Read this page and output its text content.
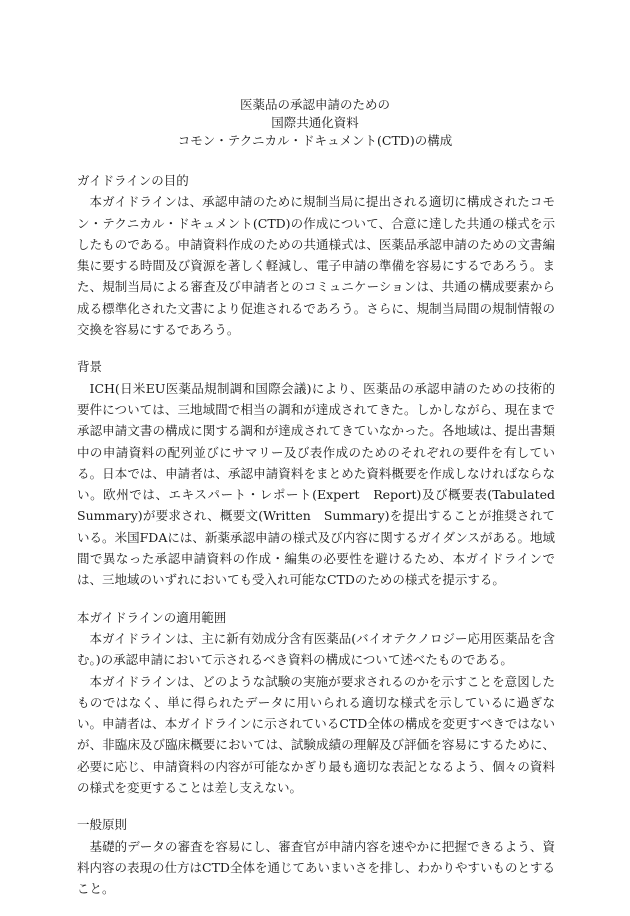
医薬品の承認申請のための
国際共通化資料
コモン・テクニカル・ドキュメント(CTD)の構成

ガイドラインの目的

本ガイドラインは、承認申請のために規制当局に提出される適切に構成されたコモン・テクニカル・ドキュメント(CTD)の作成について、合意に達した共通の様式を示したものである。申請資料作成のための共通様式は、医薬品承認申請のための文書編集に要する時間及び資源を著しく軽減し、電子申請の準備を容易にするであろう。また、規制当局による審査及び申請者とのコミュニケーションは、共通の構成要素から成る標準化された文書により促進されるであろう。さらに、規制当局間の規制情報の交換を容易にするであろう。

背景

ICH(日米EU医薬品規制調和国際会議)により、医薬品の承認申請のための技術的要件については、三地域間で相当の調和が達成されてきた。しかしながら、現在まで承認申請文書の構成に関する調和が達成されてきていなかった。各地域は、提出書類中の申請資料の配列並びにサマリー及び表作成のためのそれぞれの要件を有している。日本では、申請者は、承認申請資料をまとめた資料概要を作成しなければならない。欧州では、エキスパート・レポート(Expert　Report)及び概要表(Tabulated　Summary)が要求され、概要文(Written　Summary)を提出することが推奨されている。米国FDAには、新薬承認申請の様式及び内容に関するガイダンスがある。地域間で異なった承認申請資料の作成・編集の必要性を避けるため、本ガイドラインでは、三地域のいずれにおいても受入れ可能なCTDのための様式を提示する。

本ガイドラインの適用範囲

本ガイドラインは、主に新有効成分含有医薬品(バイオテクノロジー応用医薬品を含む。)の承認申請において示されるべき資料の構成について述べたものである。

本ガイドラインは、どのような試験の実施が要求されるのかを示すことを意図したものではなく、単に得られたデータに用いられる適切な様式を示しているに過ぎない。申請者は、本ガイドラインに示されているCTD全体の構成を変更すべきではないが、非臨床及び臨床概要においては、試験成績の理解及び評価を容易にするために、必要に応じ、申請資料の内容が可能なかぎり最も適切な表記となるよう、個々の資料の様式を変更することは差し支えない。

一般原則

基礎的データの審査を容易にし、審査官が申請内容を速やかに把握できるよう、資料内容の表現の仕方はCTD全体を通じてあいまいさを排し、わかりやすいものとすること。
